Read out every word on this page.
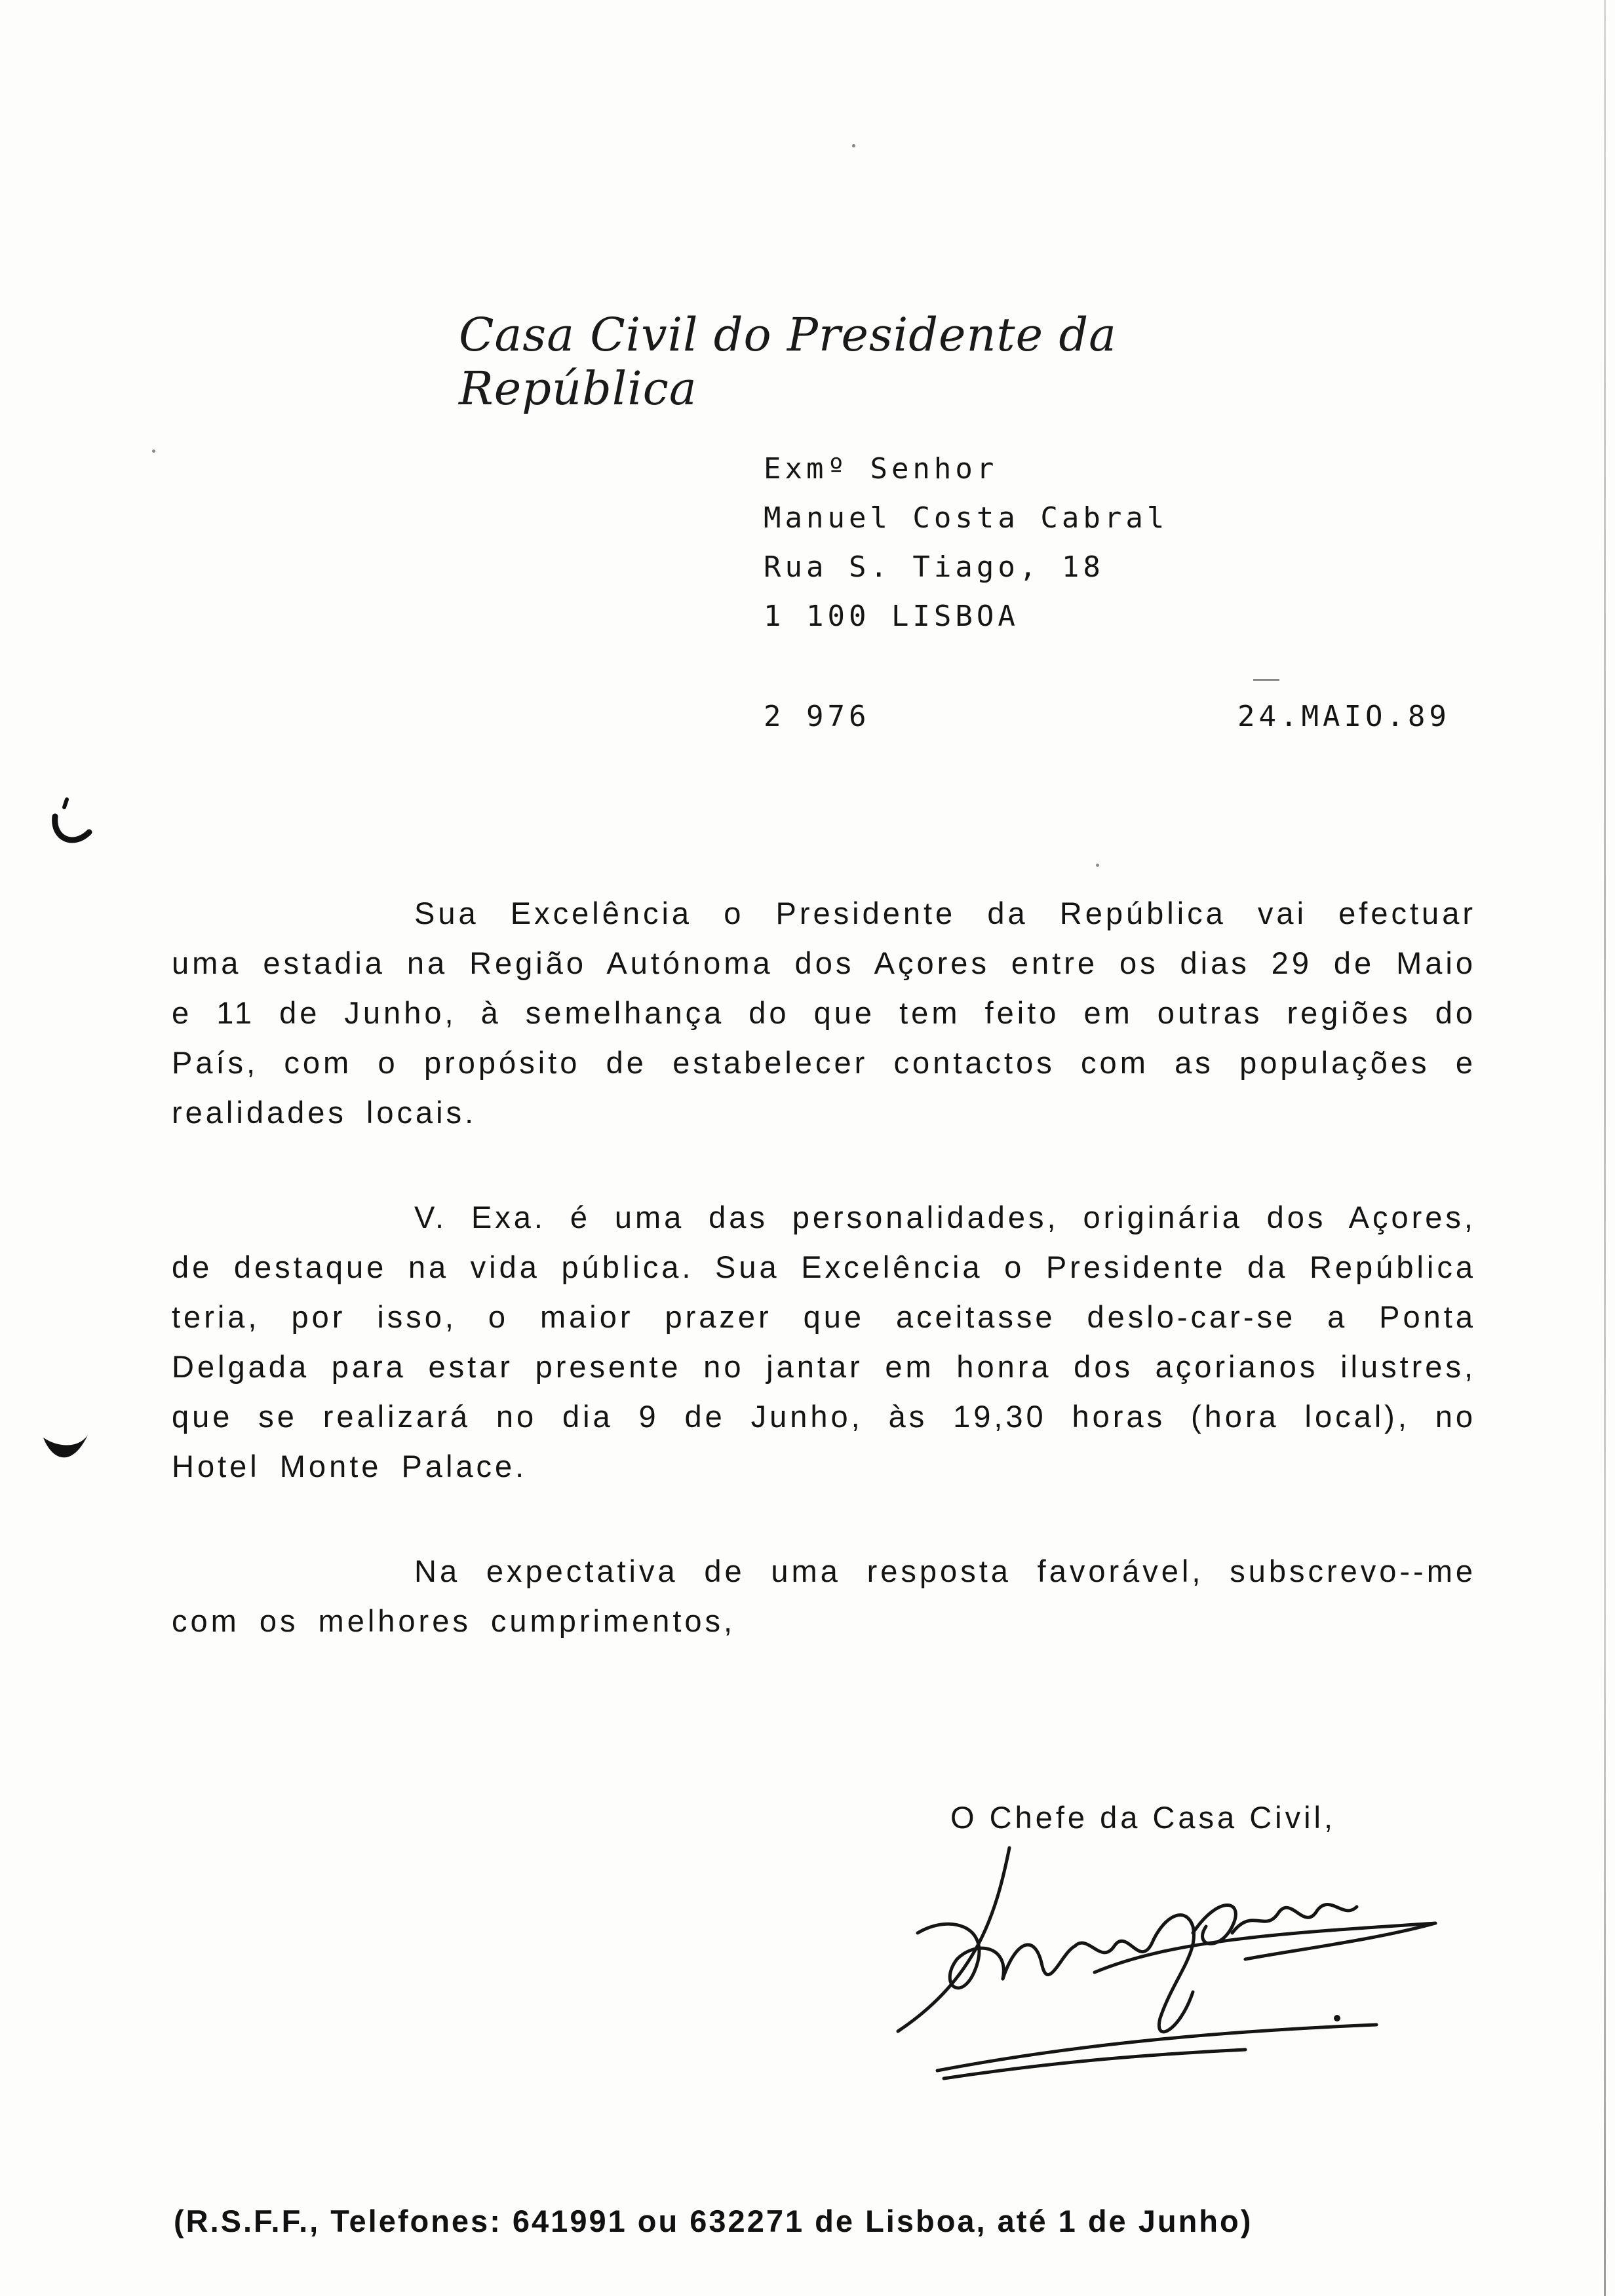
Casa Civil do Presidente da República
Exmº Senhor
Manuel Costa Cabral
Rua S. Tiago, 18
1 100 LISBOA
2 976	24.MAIO.89
Sua Excelência o Presidente da República vai efectuar uma estadia na Região Autónoma dos Açores entre os dias 29 de Maio e 11 de Junho, à semelhança do que tem feito em outras regiões do País, com o propósito de estabelecer contactos com as populações e realidades locais.
V. Exa. é uma das personalidades, originária dos Açores, de destaque na vida pública. Sua Excelência o Presidente da República teria, por isso, o maior prazer que aceitasse deslo-car-se a Ponta Delgada para estar presente no jantar em honra dos açorianos ilustres, que se realizará no dia 9 de Junho, às 19,30 horas (hora local), no Hotel Monte Palace.
Na expectativa de uma resposta favorável, subscrevo--me com os melhores cumprimentos,
O Chefe da Casa Civil,
(R.S.F.F., Telefones: 641991 ou 632271 de Lisboa, até 1 de Junho)
